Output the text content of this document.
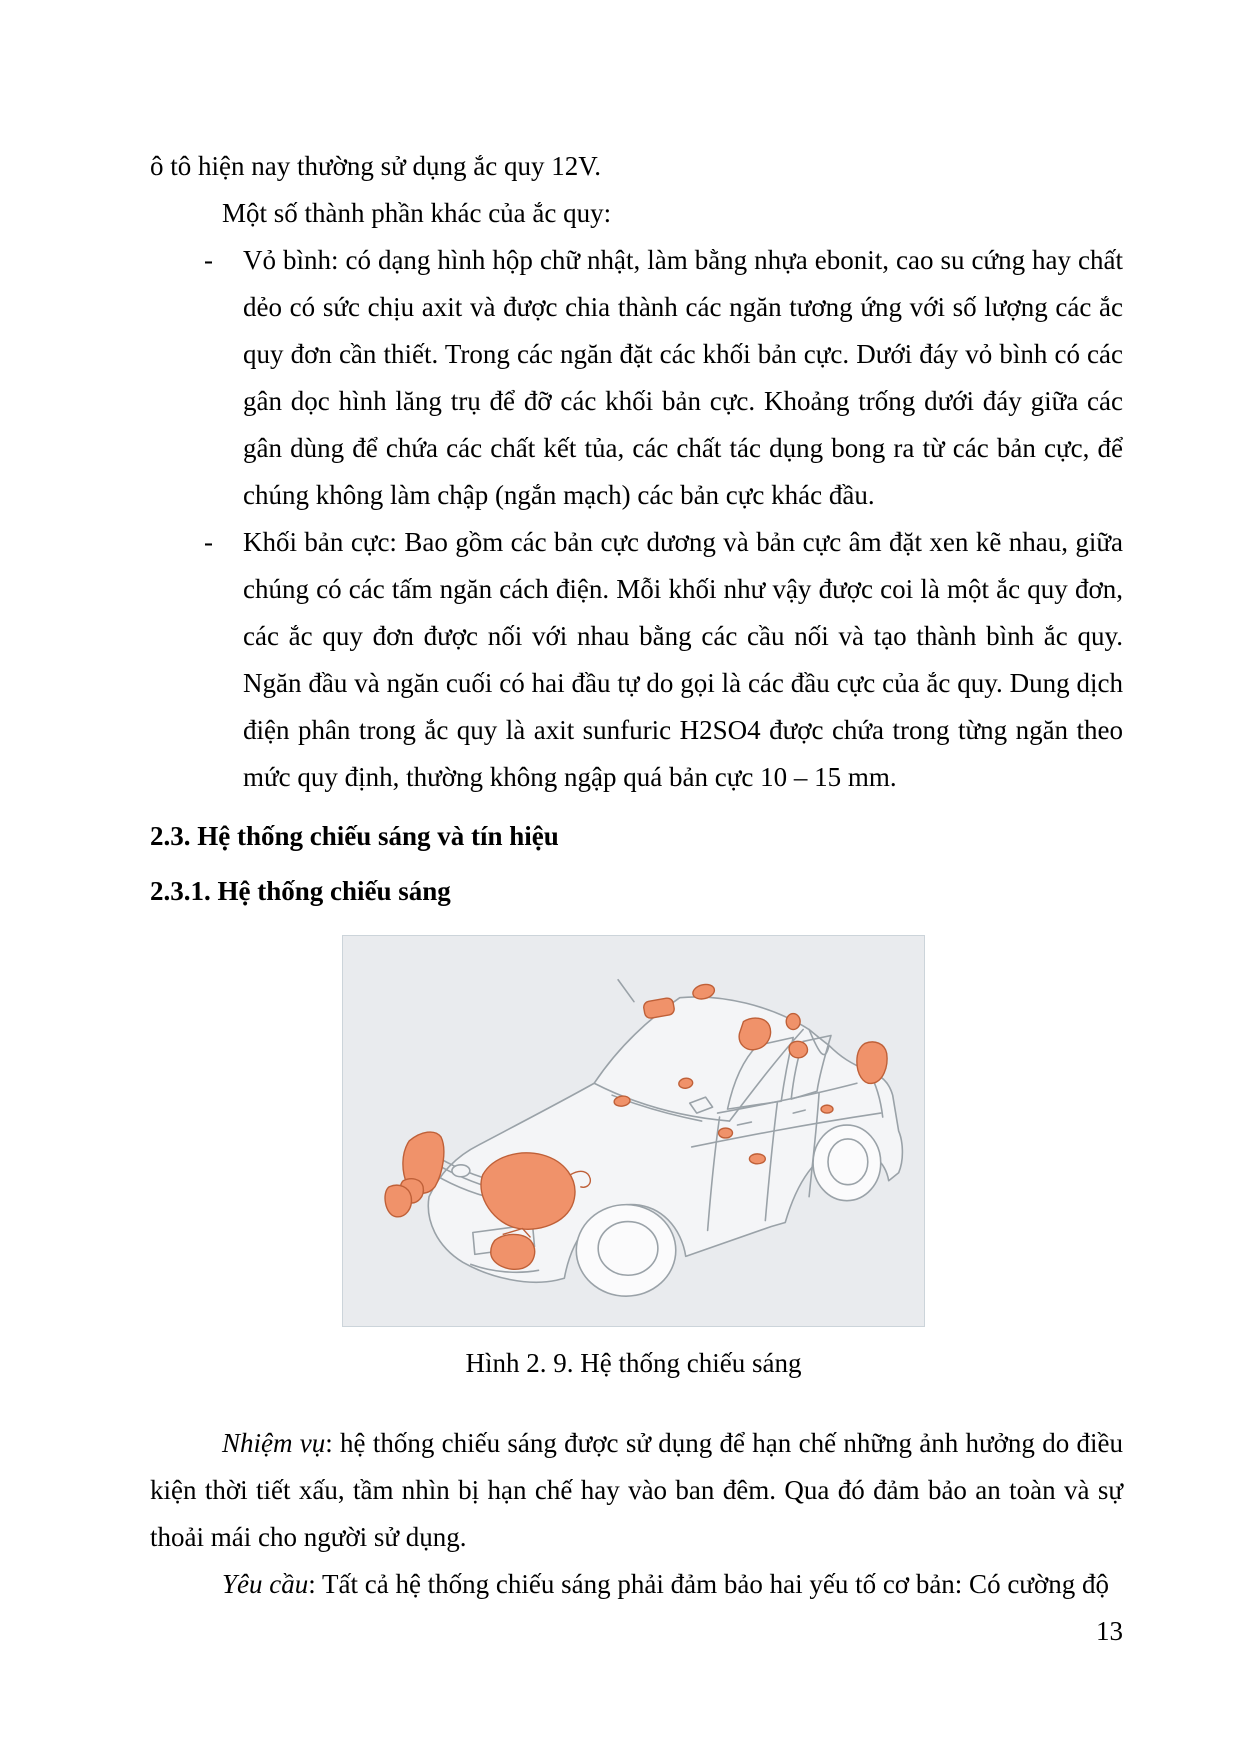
ô tô hiện nay thường sử dụng ắc quy 12V.

Một số thành phần khác của ắc quy:

- Vỏ bình: có dạng hình hộp chữ nhật, làm bằng nhựa ebonit, cao su cứng hay chất dẻo có sức chịu axit và được chia thành các ngăn tương ứng với số lượng các ắc quy đơn cần thiết. Trong các ngăn đặt các khối bản cực. Dưới đáy vỏ bình có các gân dọc hình lăng trụ để đỡ các khối bản cực. Khoảng trống dưới đáy giữa các gân dùng để chứa các chất kết tủa, các chất tác dụng bong ra từ các bản cực, để chúng không làm chập (ngắn mạch) các bản cực khác đầu.
- Khối bản cực: Bao gồm các bản cực dương và bản cực âm đặt xen kẽ nhau, giữa chúng có các tấm ngăn cách điện. Mỗi khối như vậy được coi là một ắc quy đơn, các ắc quy đơn được nối với nhau bằng các cầu nối và tạo thành bình ắc quy. Ngăn đầu và ngăn cuối có hai đầu tự do gọi là các đầu cực của ắc quy. Dung dịch điện phân trong ắc quy là axit sunfuric H2SO4 được chứa trong từng ngăn theo mức quy định, thường không ngập quá bản cực 10 – 15 mm.
2.3. Hệ thống chiếu sáng và tín hiệu
2.3.1. Hệ thống chiếu sáng
Hình 2. 9. Hệ thống chiếu sáng

Nhiệm vụ: hệ thống chiếu sáng được sử dụng để hạn chế những ảnh hưởng do điều kiện thời tiết xấu, tầm nhìn bị hạn chế hay vào ban đêm. Qua đó đảm bảo an toàn và sự thoải mái cho người sử dụng.

Yêu cầu: Tất cả hệ thống chiếu sáng phải đảm bảo hai yếu tố cơ bản: Có cường độ

13
